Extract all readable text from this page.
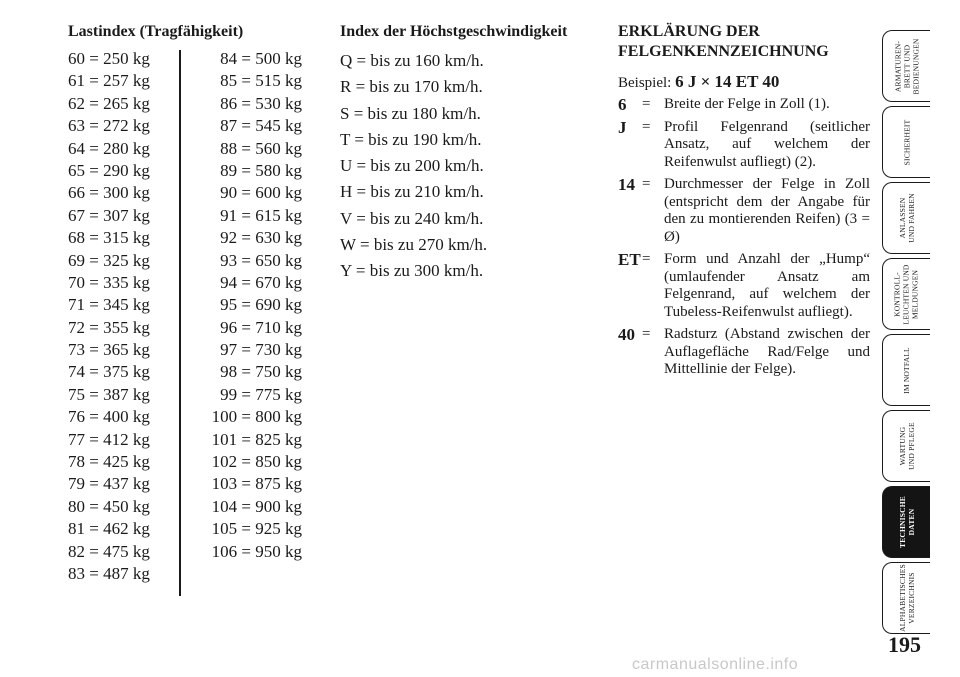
Lastindex (Tragfähigkeit)
60 = 250 kg
61 = 257 kg
62 = 265 kg
63 = 272 kg
64 = 280 kg
65 = 290 kg
66 = 300 kg
67 = 307 kg
68 = 315 kg
69 = 325 kg
70 = 335 kg
71 = 345 kg
72 = 355 kg
73 = 365 kg
74 = 375 kg
75 = 387 kg
76 = 400 kg
77 = 412 kg
78 = 425 kg
79 = 437 kg
80 = 450 kg
81 = 462 kg
82 = 475 kg
83 = 487 kg
84 = 500 kg
85 = 515 kg
86 = 530 kg
87 = 545 kg
88 = 560 kg
89 = 580 kg
90 = 600 kg
91 = 615 kg
92 = 630 kg
93 = 650 kg
94 = 670 kg
95 = 690 kg
96 = 710 kg
97 = 730 kg
98 = 750 kg
99 = 775 kg
100 = 800 kg
101 = 825 kg
102 = 850 kg
103 = 875 kg
104 = 900 kg
105 = 925 kg
106 = 950 kg
Index der Höchstgeschwindigkeit
Q = bis zu 160 km/h.
R = bis zu 170 km/h.
S = bis zu 180 km/h.
T = bis zu 190 km/h.
U = bis zu 200 km/h.
H = bis zu 210 km/h.
V = bis zu 240 km/h.
W = bis zu 270 km/h.
Y = bis zu 300 km/h.
ERKLÄRUNG DER
FELGENKENNZEICHNUNG
Beispiel: 6 J × 14 ET 40
6	= Breite der Felge in Zoll (1).
J	= Profil Felgenrand (seitlicher Ansatz, auf welchem der Reifenwulst aufliegt) (2).
14 = Durchmesser der Felge in Zoll (entspricht dem der Angabe für den zu montierenden Reifen) (3 = Ø)
ET = Form und Anzahl der „Hump“ (umlaufender Ansatz am Felgenrand, auf welchem der Tubeless-Reifenwulst aufliegt).
40 = Radsturz (Abstand zwischen der Auflagefläche Rad/Felge und Mittellinie der Felge).
ARMATUREN-
BRETT UND
BEDIENUNGEN
SICHERHEIT
ANLASSEN
UND FAHREN
KONTROLL-
LEUCHTEN UND
MELDUNGEN
IM NOTFALL
WARTUNG
UND PFLEGE
TECHNISCHE
DATEN
ALPHABETISCHES
VERZEICHNIS
195
carmanualsonline.info
